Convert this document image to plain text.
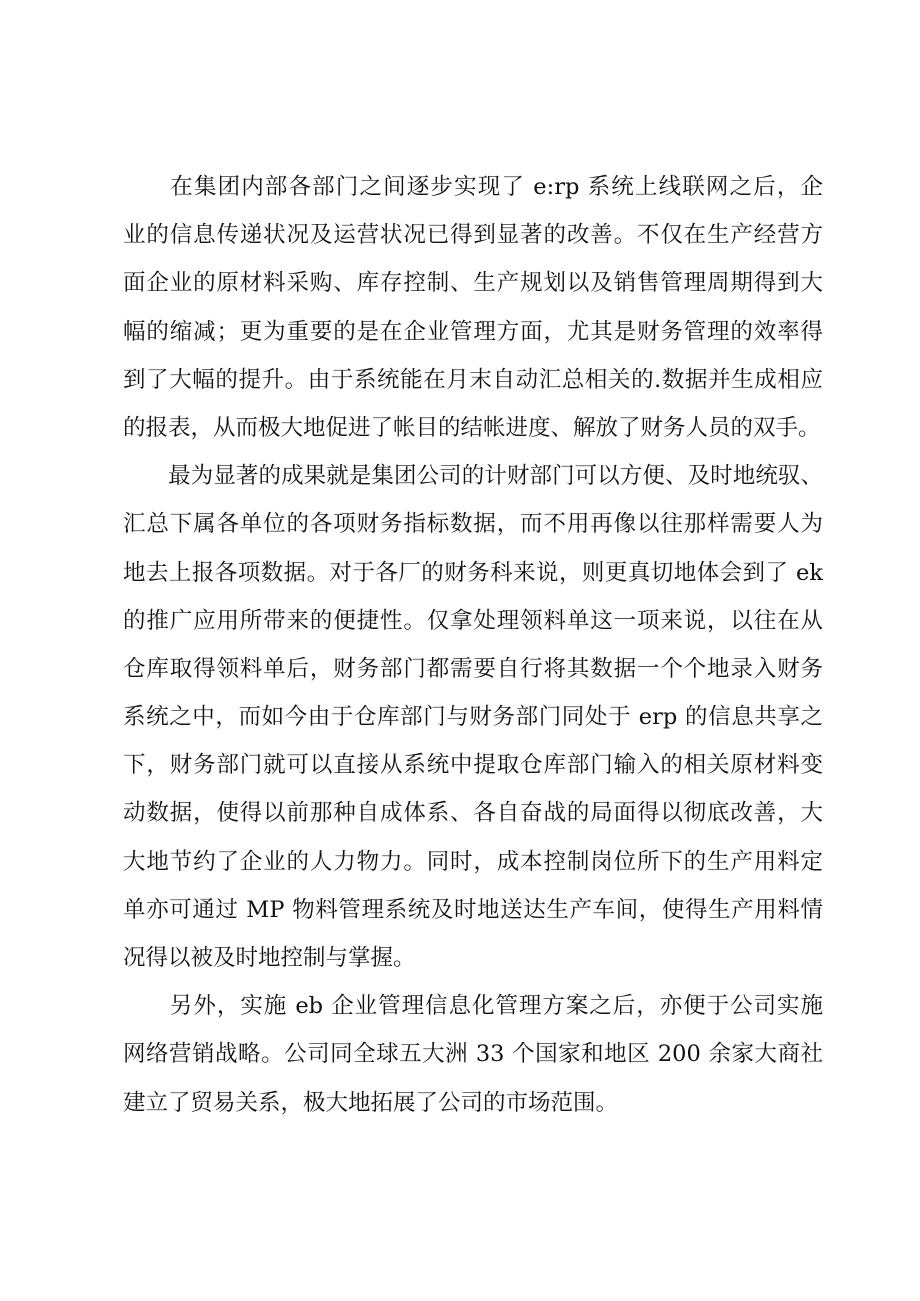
　　在集团内部各部门之间逐步实现了 e:rp 系统上线联网之后，企
业的信息传递状况及运营状况已得到显著的改善。不仅在生产经营方
面企业的原材料采购、库存控制、生产规划以及销售管理周期得到大
幅的缩减；更为重要的是在企业管理方面，尤其是财务管理的效率得
到了大幅的提升。由于系统能在月末自动汇总相关的.数据并生成相应
的报表，从而极大地促进了帐目的结帐进度、解放了财务人员的双手。
　　最为显著的成果就是集团公司的计财部门可以方便、及时地统驭、
汇总下属各单位的各项财务指标数据，而不用再像以往那样需要人为
地去上报各项数据。对于各厂的财务科来说，则更真切地体会到了 ek
的推广应用所带来的便捷性。仅拿处理领料单这一项来说，以往在从
仓库取得领料单后，财务部门都需要自行将其数据一个个地录入财务
系统之中，而如今由于仓库部门与财务部门同处于 erp 的信息共享之
下，财务部门就可以直接从系统中提取仓库部门输入的相关原材料变
动数据，使得以前那种自成体系、各自奋战的局面得以彻底改善，大
大地节约了企业的人力物力。同时，成本控制岗位所下的生产用料定
单亦可通过 MP 物料管理系统及时地送达生产车间，使得生产用料情
况得以被及时地控制与掌握。
　　另外，实施 eb 企业管理信息化管理方案之后，亦便于公司实施
网络营销战略。公司同全球五大洲 33 个国家和地区 200 余家大商社
建立了贸易关系，极大地拓展了公司的市场范围。
